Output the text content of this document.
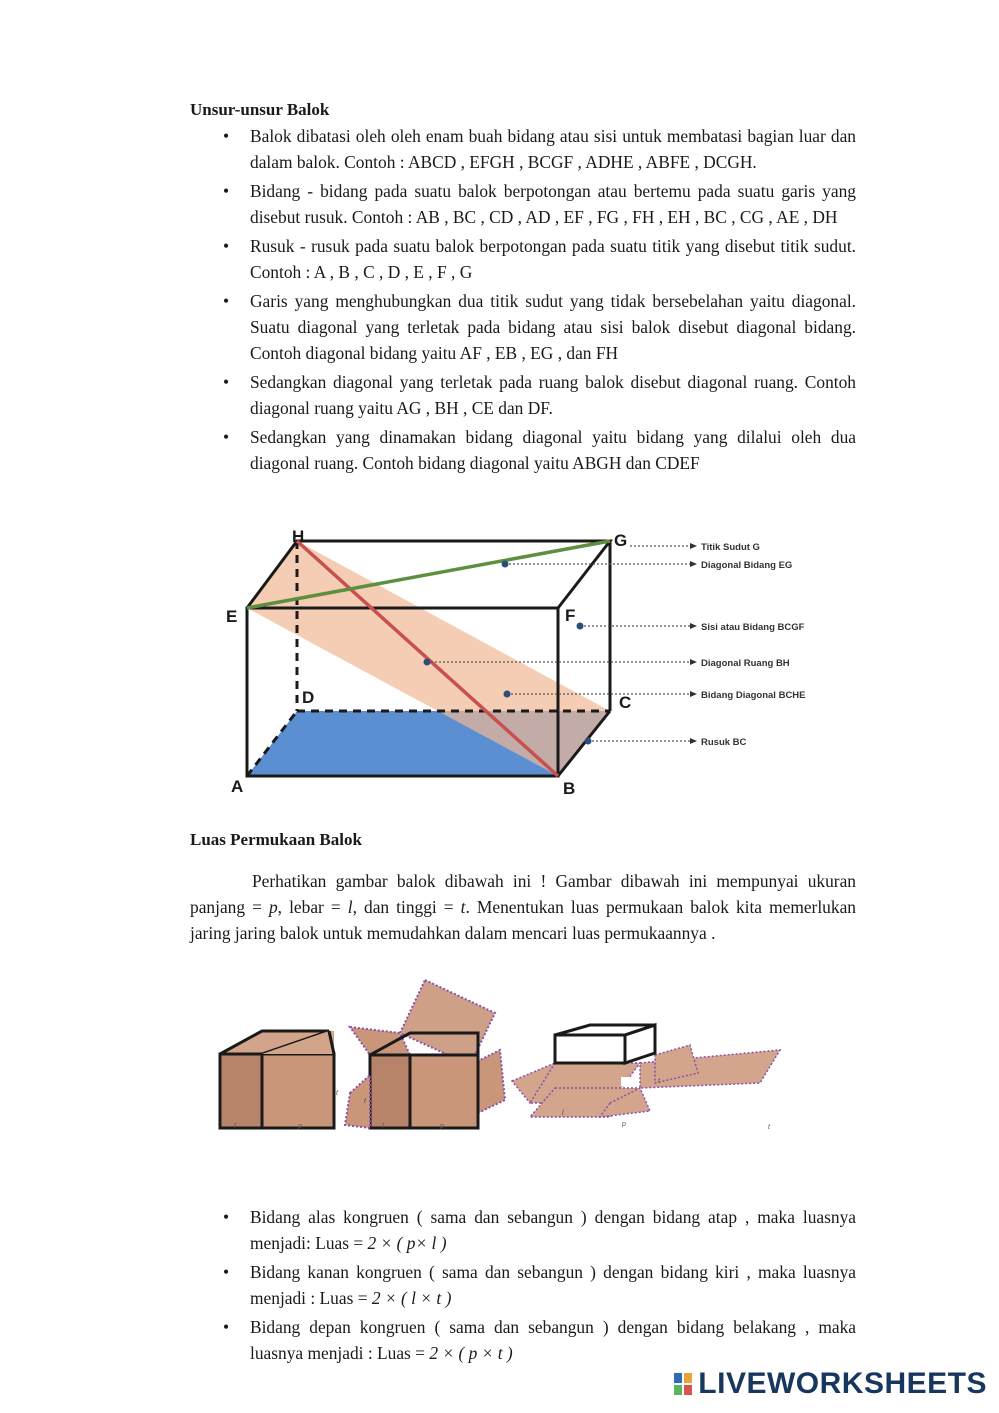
Unsur-unsur Balok
• Balok dibatasi oleh oleh enam buah bidang atau sisi untuk membatasi bagian luar dan dalam balok. Contoh : ABCD , EFGH , BCGF , ADHE , ABFE , DCGH.
• Bidang - bidang pada suatu balok berpotongan atau bertemu pada suatu garis yang disebut rusuk. Contoh : AB , BC , CD , AD , EF , FG , FH , EH , BC , CG , AE , DH
• Rusuk - rusuk pada suatu balok berpotongan pada suatu titik yang disebut titik sudut. Contoh : A , B , C , D , E , F , G
• Garis yang menghubungkan dua titik sudut yang tidak bersebelahan yaitu diagonal. Suatu diagonal yang terletak pada bidang atau sisi balok disebut diagonal bidang. Contoh diagonal bidang yaitu AF , EB , EG , dan FH
• Sedangkan diagonal yang terletak pada ruang balok disebut diagonal ruang. Contoh diagonal ruang yaitu AG , BH , CE dan DF.
• Sedangkan yang dinamakan bidang diagonal yaitu bidang yang dilalui oleh dua diagonal ruang. Contoh bidang diagonal yaitu ABGH dan CDEF
H	G
E	F
D	C
A	B
Titik Sudut G
Diagonal Bidang EG
Sisi atau Bidang BCGF
Diagonal Ruang BH
Bidang Diagonal BCHE
Rusuk BC
Luas Permukaan Balok

Perhatikan gambar balok dibawah ini ! Gambar dibawah ini mempunyai ukuran panjang = p, lebar = l, dan tinggi = t. Menentukan luas permukaan balok kita memerlukan jaring jaring balok untuk memudahkan dalam mencari luas permukaannya .

l	p
t
l	p
t
l
p
t
t
• Bidang alas kongruen ( sama dan sebangun ) dengan bidang atap , maka luasnya menjadi: Luas = 2 × ( p× l )
• Bidang kanan kongruen ( sama dan sebangun ) dengan bidang kiri , maka luasnya menjadi : Luas = 2 × ( l × t )
• Bidang depan kongruen ( sama dan sebangun ) dengan bidang belakang , maka luasnya menjadi : Luas = 2 × ( p × t )
LIVEWORKSHEETS
